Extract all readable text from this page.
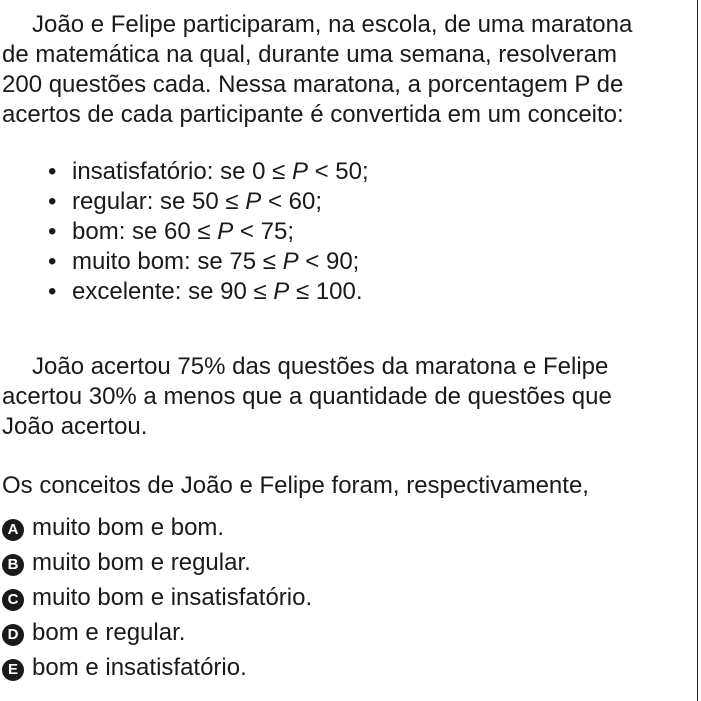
João e Felipe participaram, na escola, de uma maratona
de matemática na qual, durante uma semana, resolveram
200 questões cada. Nessa maratona, a porcentagem P de
acertos de cada participante é convertida em um conceito:
• insatisfatório: se 0 ≤ P < 50;
• regular: se 50 ≤ P < 60;
• bom: se 60 ≤ P < 75;
• muito bom: se 75 ≤ P < 90;
• excelente: se 90 ≤ P ≤ 100.
João acertou 75% das questões da maratona e Felipe
acertou 30% a menos que a quantidade de questões que
João acertou.
Os conceitos de João e Felipe foram, respectivamente,
A muito bom e bom.
B muito bom e regular.
C muito bom e insatisfatório.
D bom e regular.
E bom e insatisfatório.
